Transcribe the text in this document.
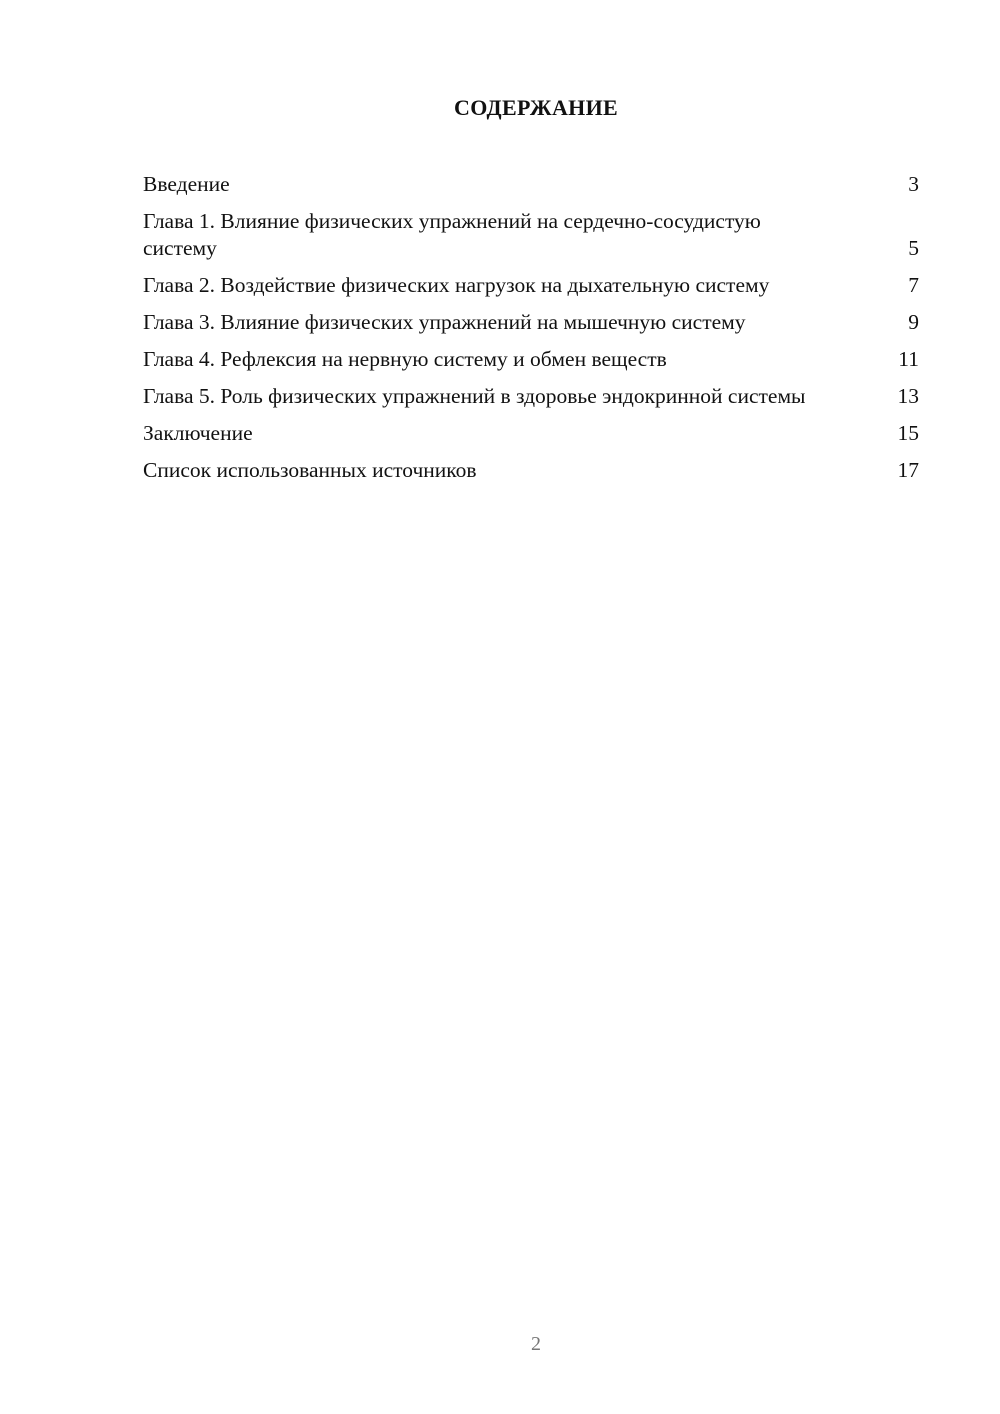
СОДЕРЖАНИЕ
Введение	3
Глава 1. Влияние физических упражнений на сердечно-сосудистую систему	5
Глава 2. Воздействие физических нагрузок на дыхательную систему	7
Глава 3. Влияние физических упражнений на мышечную систему	9
Глава 4. Рефлексия на нервную систему и обмен веществ	11
Глава 5. Роль физических упражнений в здоровье эндокринной системы	13
Заключение	15
Список использованных источников	17
2
